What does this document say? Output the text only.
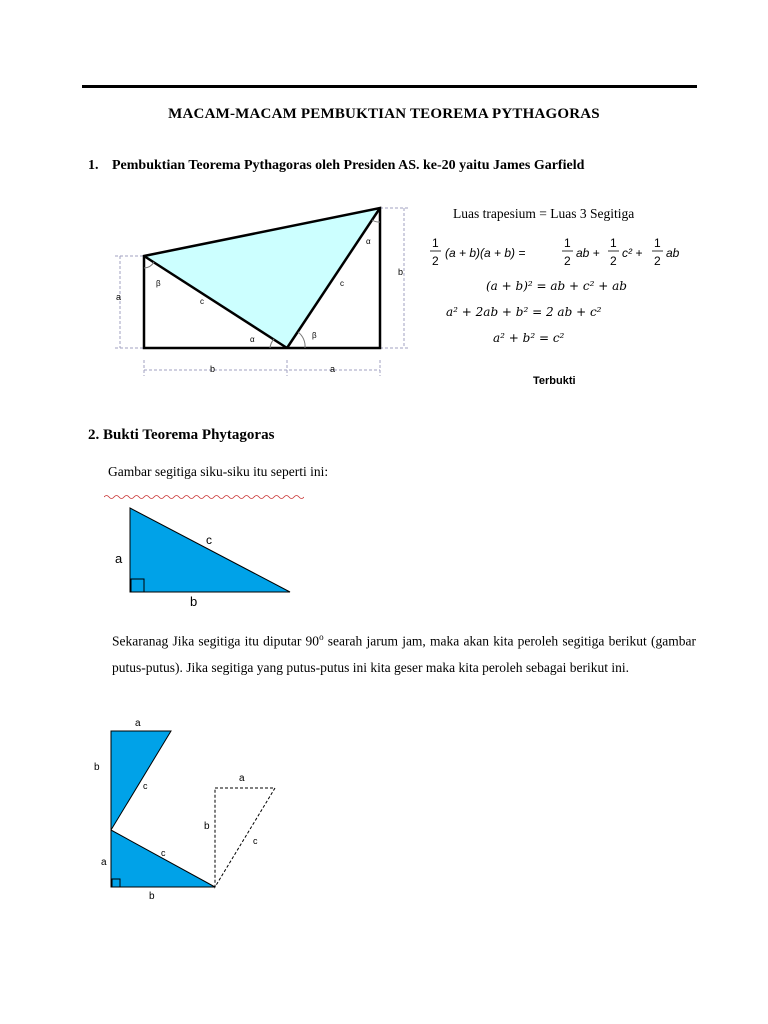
MACAM-MACAM PEMBUKTIAN TEOREMA PYTHAGORAS
1. Pembuktian Teorema Pythagoras oleh Presiden AS. ke-20 yaitu James Garfield
a
b
c
c
β
β
α
α
b	a
Luas trapesium = Luas 3 Segitiga
1
2
(a + b)(a + b) =
1
2
ab +
1
2
c² +
1
2
ab
(a + b)² = ab + c² + ab
a² + 2ab + b² = 2 ab + c²
a² + b² = c²
Terbukti
2. Bukti Teorema Phytagoras
Gambar segitiga siku-siku itu seperti ini:
a
c
b
Sekaranag Jika segitiga itu diputar 90$^o$ searah jarum jam, maka akan kita peroleh segitiga berikut (gambar putus-putus). Jika segitiga yang putus-putus ini kita geser maka kita peroleh sebagai berikut ini.
a
b
c
a
c
b
a
b
c
